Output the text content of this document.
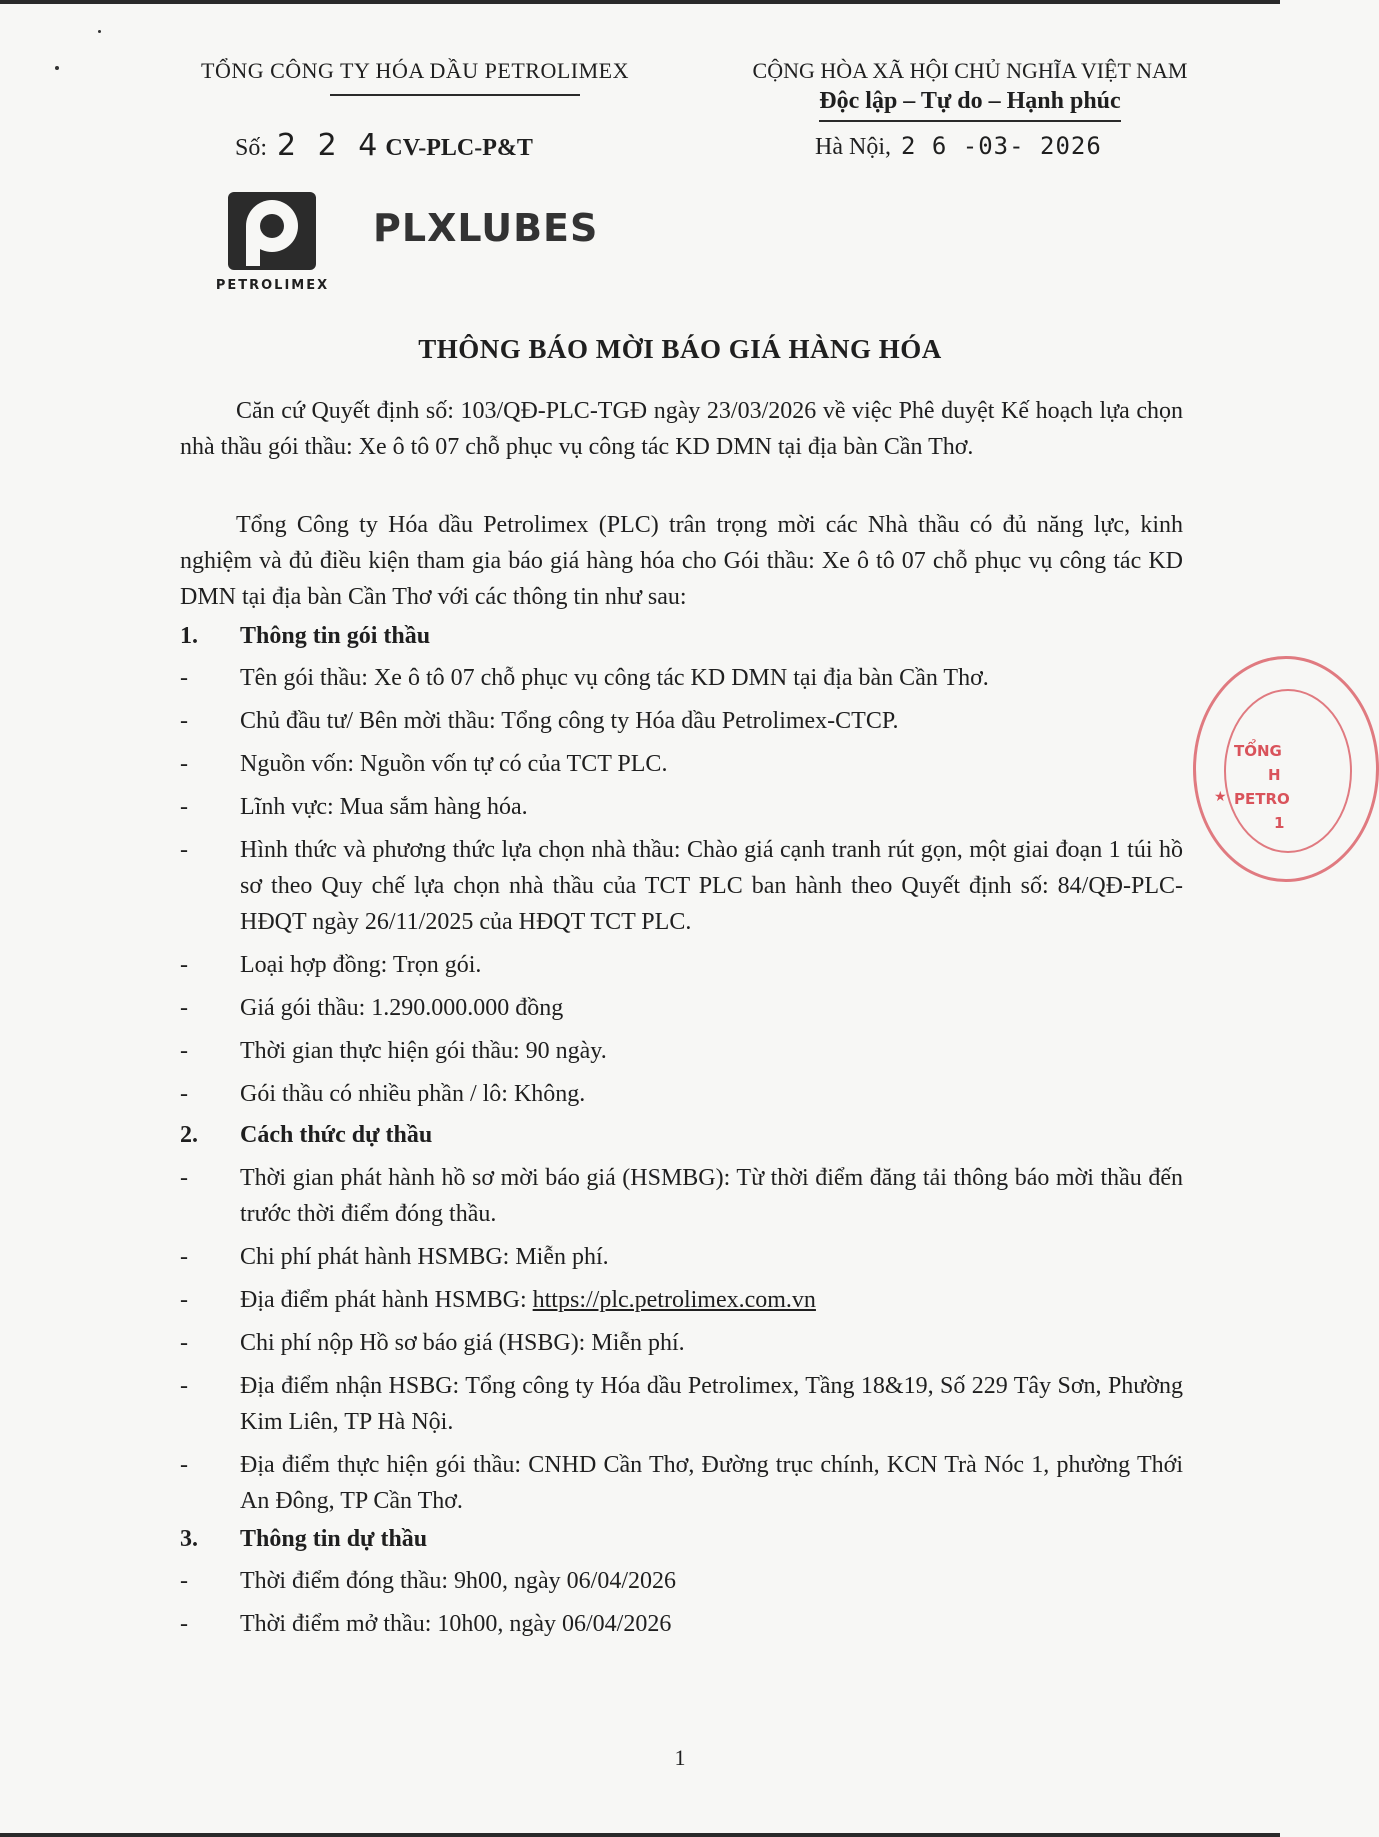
TỔNG CÔNG TY HÓA DẦU PETROLIMEX	CỘNG HÒA XÃ HỘI CHỦ NGHĨA VIỆT NAM
Độc lập – Tự do – Hạnh phúc
Số: 2 2 4CV-PLC-P&T	Hà Nội, 2 6 -03- 2026
PETROLIMEX
PLXLUBES
THÔNG BÁO MỜI BÁO GIÁ HÀNG HÓA

Căn cứ Quyết định số: 103/QĐ-PLC-TGĐ ngày 23/03/2026 về việc Phê duyệt Kế hoạch lựa chọn nhà thầu gói thầu: Xe ô tô 07 chỗ phục vụ công tác KD DMN tại địa bàn Cần Thơ.

Tổng Công ty Hóa dầu Petrolimex (PLC) trân trọng mời các Nhà thầu có đủ năng lực, kinh nghiệm và đủ điều kiện tham gia báo giá hàng hóa cho Gói thầu: Xe ô tô 07 chỗ phục vụ công tác KD DMN tại địa bàn Cần Thơ với các thông tin như sau:

1. Thông tin gói thầu
- Tên gói thầu: Xe ô tô 07 chỗ phục vụ công tác KD DMN tại địa bàn Cần Thơ.
- Chủ đầu tư/ Bên mời thầu: Tổng công ty Hóa dầu Petrolimex-CTCP.
- Nguồn vốn: Nguồn vốn tự có của TCT PLC.
- Lĩnh vực: Mua sắm hàng hóa.
- Hình thức và phương thức lựa chọn nhà thầu: Chào giá cạnh tranh rút gọn, một giai đoạn 1 túi hồ sơ theo Quy chế lựa chọn nhà thầu của TCT PLC ban hành theo Quyết định số: 84/QĐ-PLC-HĐQT ngày 26/11/2025 của HĐQT TCT PLC.
- Loại hợp đồng: Trọn gói.
- Giá gói thầu: 1.290.000.000 đồng
- Thời gian thực hiện gói thầu: 90 ngày.
- Gói thầu có nhiều phần / lô: Không.
2. Cách thức dự thầu
- Thời gian phát hành hồ sơ mời báo giá (HSMBG): Từ thời điểm đăng tải thông báo mời thầu đến trước thời điểm đóng thầu.
- Chi phí phát hành HSMBG: Miễn phí.
- Địa điểm phát hành HSMBG: https://plc.petrolimex.com.vn
- Chi phí nộp Hồ sơ báo giá (HSBG): Miễn phí.
- Địa điểm nhận HSBG: Tổng công ty Hóa dầu Petrolimex, Tầng 18&19, Số 229 Tây Sơn, Phường Kim Liên, TP Hà Nội.
- Địa điểm thực hiện gói thầu: CNHD Cần Thơ, Đường trục chính, KCN Trà Nóc 1, phường Thới An Đông, TP Cần Thơ.
3. Thông tin dự thầu
- Thời điểm đóng thầu: 9h00, ngày 06/04/2026
- Thời điểm mở thầu: 10h00, ngày 06/04/2026
TỔNG
H
PETRO
1
★
1
